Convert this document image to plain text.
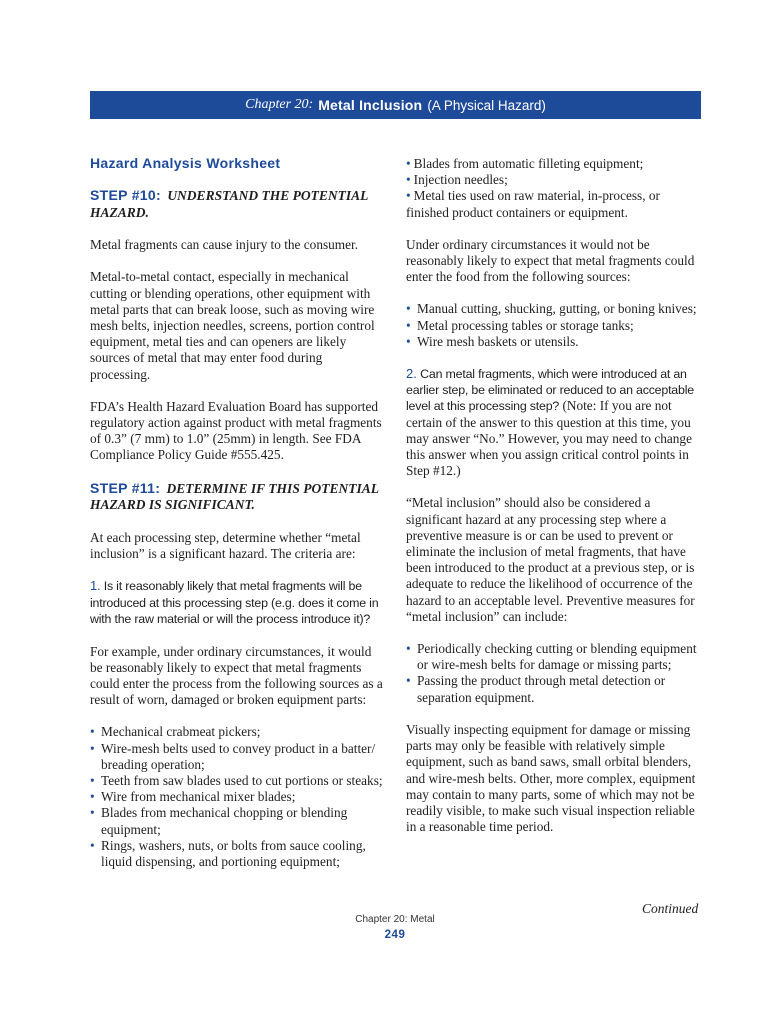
Chapter 20: Metal Inclusion (A Physical Hazard)
Hazard Analysis Worksheet
STEP #10: UNDERSTAND THE POTENTIAL HAZARD.

Metal fragments can cause injury to the consumer.

Metal-to-metal contact, especially in mechanical cutting or blending operations, other equipment with metal parts that can break loose, such as moving wire mesh belts, injection needles, screens, portion control equipment, metal ties and can openers are likely sources of metal that may enter food during processing.

FDA’s Health Hazard Evaluation Board has supported regulatory action against product with metal fragments of 0.3” (7 mm) to 1.0” (25mm) in length. See FDA Compliance Policy Guide #555.425.

STEP #11: DETERMINE IF THIS POTENTIAL HAZARD IS SIGNIFICANT.

At each processing step, determine whether “metal inclusion” is a significant hazard. The criteria are:

1. Is it reasonably likely that metal fragments will be introduced at this processing step (e.g. does it come in with the raw material or will the process introduce it)?

For example, under ordinary circumstances, it would be reasonably likely to expect that metal fragments could enter the process from the following sources as a result of worn, damaged or broken equipment parts:

• Mechanical crabmeat pickers;
• Wire-mesh belts used to convey product in a batter/ breading operation;
• Teeth from saw blades used to cut portions or steaks;
• Wire from mechanical mixer blades;
• Blades from mechanical chopping or blending equipment;
• Rings, washers, nuts, or bolts from sauce cooling, liquid dispensing, and portioning equipment;
• Blades from automatic filleting equipment;
• Injection needles;
• Metal ties used on raw material, in-process, or finished product containers or equipment.

Under ordinary circumstances it would not be reasonably likely to expect that metal fragments could enter the food from the following sources:

• Manual cutting, shucking, gutting, or boning knives;
• Metal processing tables or storage tanks;
• Wire mesh baskets or utensils.

2. Can metal fragments, which were introduced at an earlier step, be eliminated or reduced to an acceptable level at this processing step? (Note: If you are not certain of the answer to this question at this time, you may answer “No.” However, you may need to change this answer when you assign critical control points in Step #12.)

“Metal inclusion” should also be considered a significant hazard at any processing step where a preventive measure is or can be used to prevent or eliminate the inclusion of metal fragments, that have been introduced to the product at a previous step, or is adequate to reduce the likelihood of occurrence of the hazard to an acceptable level. Preventive measures for “metal inclusion” can include:

• Periodically checking cutting or blending equipment or wire-mesh belts for damage or missing parts;
• Passing the product through metal detection or separation equipment.

Visually inspecting equipment for damage or missing parts may only be feasible with relatively simple equipment, such as band saws, small orbital blenders, and wire-mesh belts. Other, more complex, equipment may contain to many parts, some of which may not be readily visible, to make such visual inspection reliable in a reasonable time period.

Continued
Chapter 20: Metal
249
